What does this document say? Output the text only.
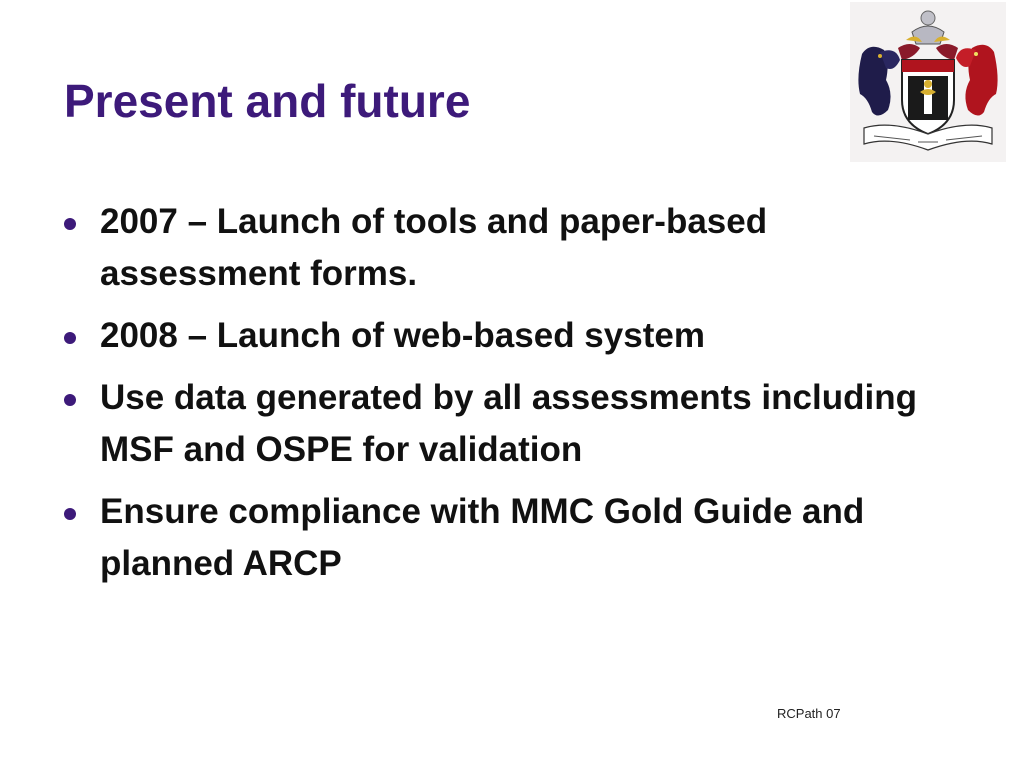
Present and future
2007 – Launch of tools and paper-based assessment forms.
2008 – Launch of web-based system
Use data generated by all assessments including MSF and OSPE for validation
Ensure compliance with MMC Gold Guide and planned ARCP
RCPath 07
